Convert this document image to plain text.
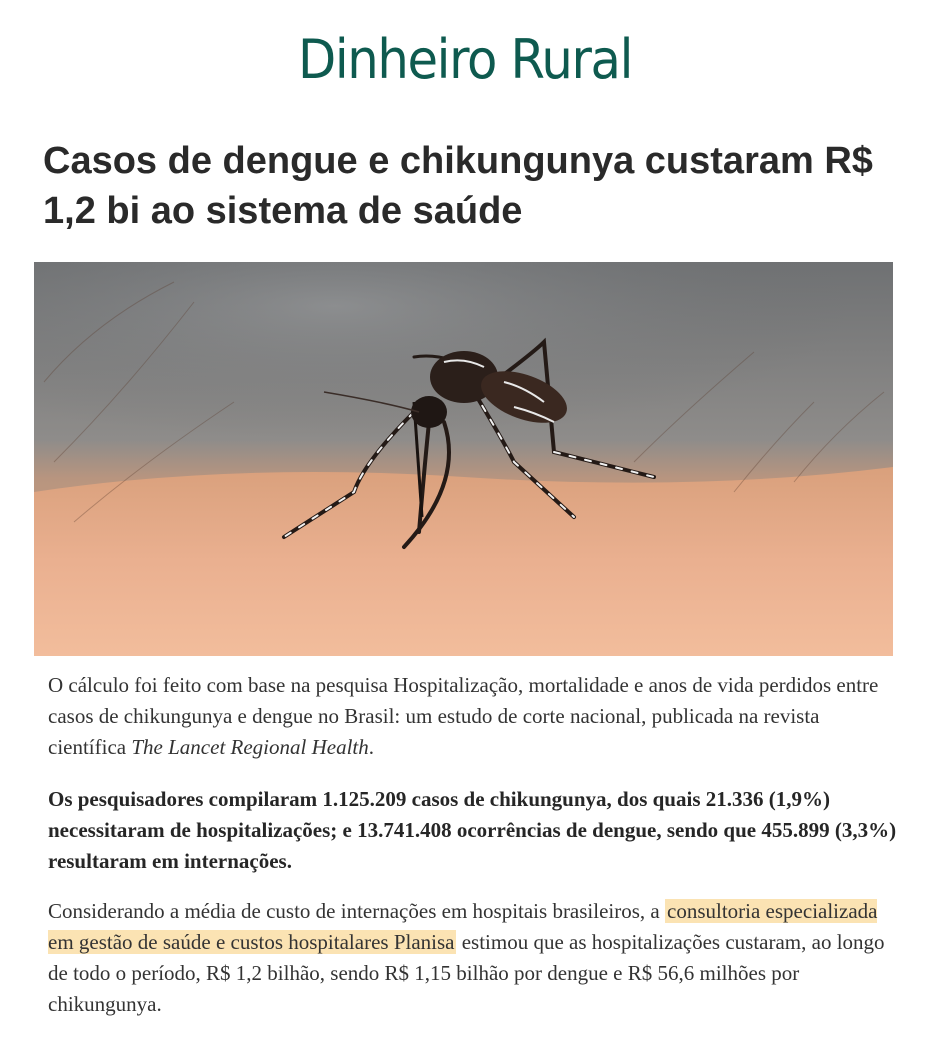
Dinheiro Rural
Casos de dengue e chikungunya custaram R$ 1,2 bi ao sistema de saúde

O cálculo foi feito com base na pesquisa Hospitalização, mortalidade e anos de vida perdidos entre casos de chikungunya e dengue no Brasil: um estudo de corte nacional, publicada na revista científica The Lancet Regional Health.

Os pesquisadores compilaram 1.125.209 casos de chikungunya, dos quais 21.336 (1,9%) necessitaram de hospitalizações; e 13.741.408 ocorrências de dengue, sendo que 455.899 (3,3%) resultaram em internações.

Considerando a média de custo de internações em hospitais brasileiros, a consultoria especializada em gestão de saúde e custos hospitalares Planisa estimou que as hospitalizações custaram, ao longo de todo o período, R$ 1,2 bilhão, sendo R$ 1,15 bilhão por dengue e R$ 56,6 milhões por chikungunya.
